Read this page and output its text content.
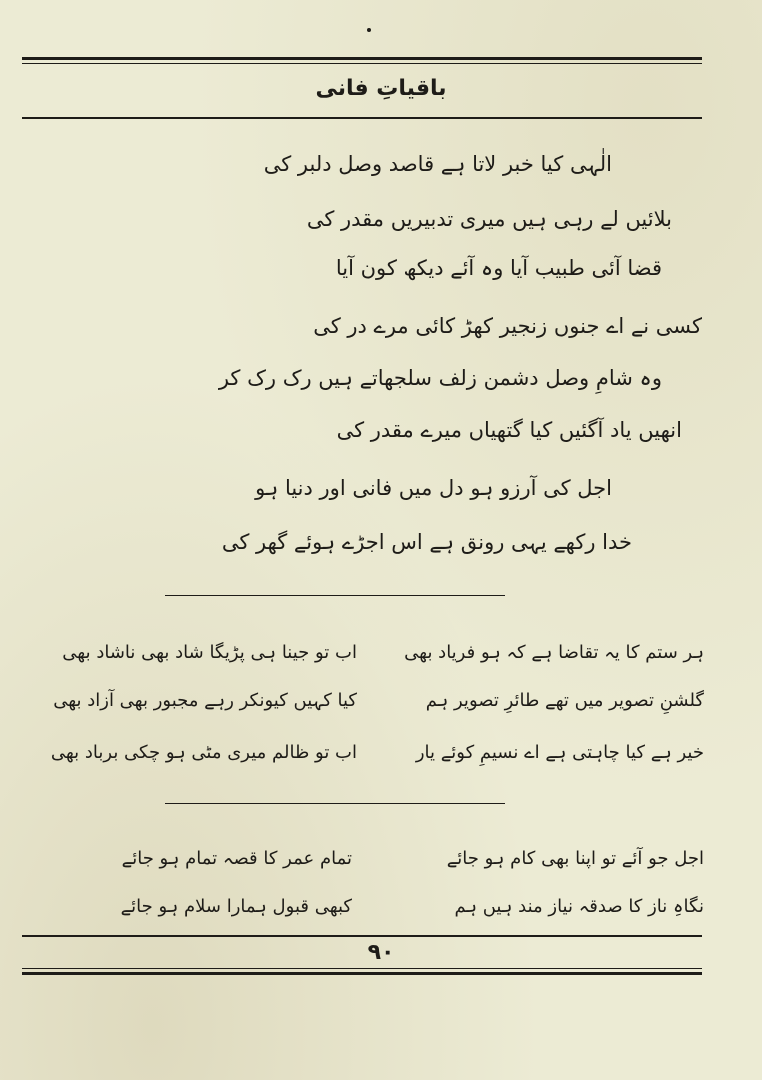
باقیاتِ فانی
الٰہی کیا خبر لاتا ہے قاصد وصل دلبر کی
بلائیں لے رہی ہیں میری تدبیریں مقدر کی
قضا آئی طبیب آیا وہ آئے دیکھ کون آیا
کسی نے اے جنوں زنجیر کھڑ کائی مرے در کی
وہ شامِ وصل دشمن زلف سلجھاتے ہیں رک رک کر
انھیں یاد آگئیں کیا گتھیاں میرے مقدر کی
اجل کی آرزو ہو دل میں فانی اور دنیا ہو
خدا رکھے یہی رونق ہے اس اجڑے ہوئے گھر کی
ہر ستم کا یہ تقاضا ہے کہ ہو فریاد بھی
گلشنِ تصویر میں تھے طائرِ تصویر ہم
خیر ہے کیا چاہتی ہے اے نسیمِ کوئے یار
اب تو جینا ہی پڑیگا شاد بھی ناشاد بھی
کیا کہیں کیونکر رہے مجبور بھی آزاد بھی
اب تو ظالم میری مٹی ہو چکی برباد بھی
اجل جو آئے تو اپنا بھی کام ہو جائے
نگاہِ ناز کا صدقہ نیاز مند ہیں ہم
تمام عمر کا قصہ تمام ہو جائے
کبھی قبول ہمارا سلام ہو جائے
۹۰
